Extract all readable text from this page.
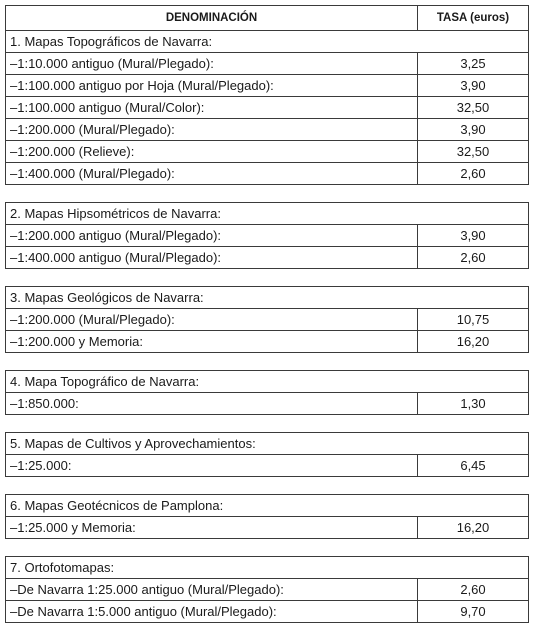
DENOMINACIÓN	TASA (euros)
1. Mapas Topográficos de Navarra:	
–1:10.000 antiguo (Mural/Plegado):	3,25
–1:100.000 antiguo por Hoja (Mural/Plegado):	3,90
–1:100.000 antiguo (Mural/Color):	32,50
–1:200.000 (Mural/Plegado):	3,90
–1:200.000 (Relieve):	32,50
–1:400.000 (Mural/Plegado):	2,60

2. Mapas Hipsométricos de Navarra:	
–1:200.000 antiguo (Mural/Plegado):	3,90
–1:400.000 antiguo (Mural/Plegado):	2,60

3. Mapas Geológicos de Navarra:	
–1:200.000 (Mural/Plegado):	10,75
–1:200.000 y Memoria:	16,20

4. Mapa Topográfico de Navarra:	
–1:850.000:	1,30

5. Mapas de Cultivos y Aprovechamientos:	
–1:25.000:	6,45

6. Mapas Geotécnicos de Pamplona:	
–1:25.000 y Memoria:	16,20

7. Ortofotomapas:	
–De Navarra 1:25.000 antiguo (Mural/Plegado):	2,60
–De Navarra 1:5.000 antiguo (Mural/Plegado):	9,70
